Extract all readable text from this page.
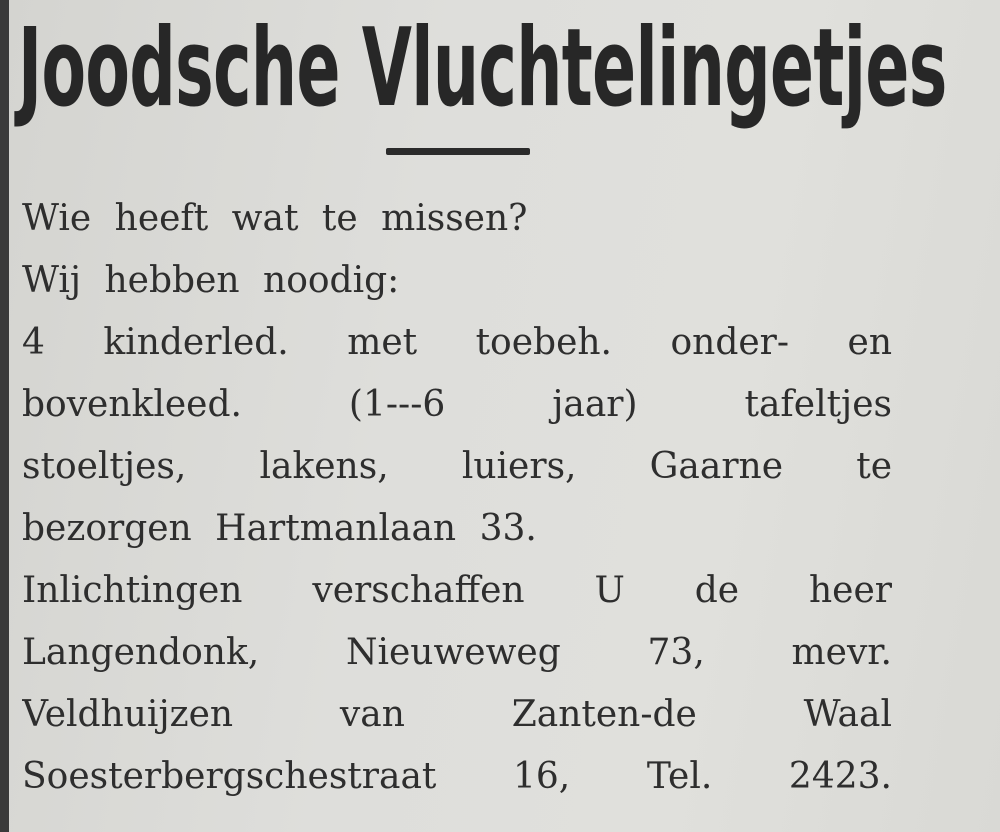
Joodsche Vluchtelingetjes
Wie heeft wat te missen?
Wij hebben noodig:
4 kinderled. met toebeh. onder- en
bovenkleed. (1---6 jaar) tafeltjes
stoeltjes, lakens, luiers, Gaarne te
bezorgen Hartmanlaan 33.
Inlichtingen verschaffen U de heer
Langendonk, Nieuweweg 73, mevr.
Veldhuijzen van Zanten-de Waal
Soesterbergschestraat 16, Tel. 2423.
